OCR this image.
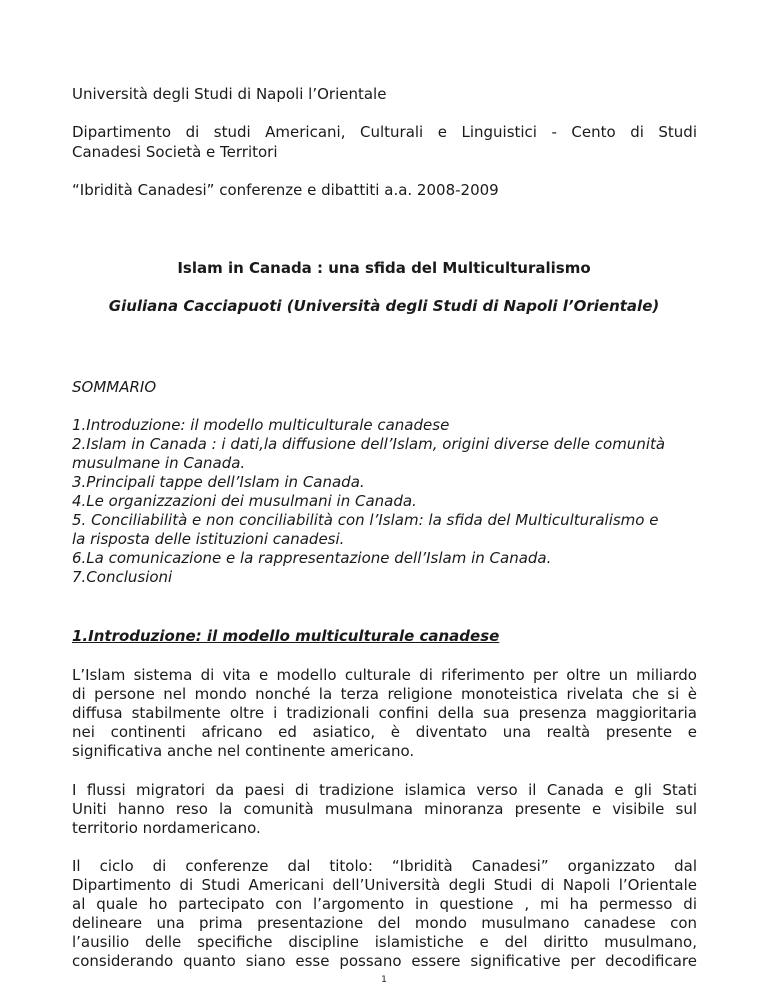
Università degli Studi di Napoli l’Orientale
Dipartimento di studi Americani, Culturali e Linguistici - Cento di Studi
Canadesi Società e Territori
“Ibridità Canadesi” conferenze e dibattiti a.a. 2008-2009
Islam in Canada : una sfida del Multiculturalismo
Giuliana Cacciapuoti (Università degli Studi di Napoli l’Orientale)
SOMMARIO
1.Introduzione: il modello multiculturale canadese
2.Islam in Canada : i dati,la diffusione dell’Islam, origini diverse delle comunità
musulmane in Canada.
3.Principali tappe dell’Islam in Canada.
4.Le organizzazioni dei musulmani in Canada.
5. Conciliabilità e non conciliabilità con l’Islam: la sfida del Multiculturalismo e
la risposta delle istituzioni canadesi.
6.La comunicazione e la rappresentazione dell’Islam in Canada.
7.Conclusioni
1.Introduzione: il modello multiculturale canadese
L’Islam sistema di vita e modello culturale di riferimento per oltre un miliardo
di persone nel mondo nonché la terza religione monoteistica rivelata che si è
diffusa stabilmente oltre i tradizionali confini della sua presenza maggioritaria
nei continenti africano ed asiatico, è diventato una realtà presente e
significativa anche nel continente americano.
I flussi migratori da paesi di tradizione islamica verso il Canada e gli Stati
Uniti hanno reso la comunità musulmana minoranza presente e visibile sul
territorio nordamericano.
Il ciclo di conferenze dal titolo: “Ibridità Canadesi” organizzato dal
Dipartimento di Studi Americani dell’Università degli Studi di Napoli l’Orientale
al quale ho partecipato con l’argomento in questione , mi ha permesso di
delineare una prima presentazione del mondo musulmano canadese con
l’ausilio delle specifiche discipline islamistiche e del diritto musulmano,
considerando quanto siano esse possano essere significative per decodificare
1
